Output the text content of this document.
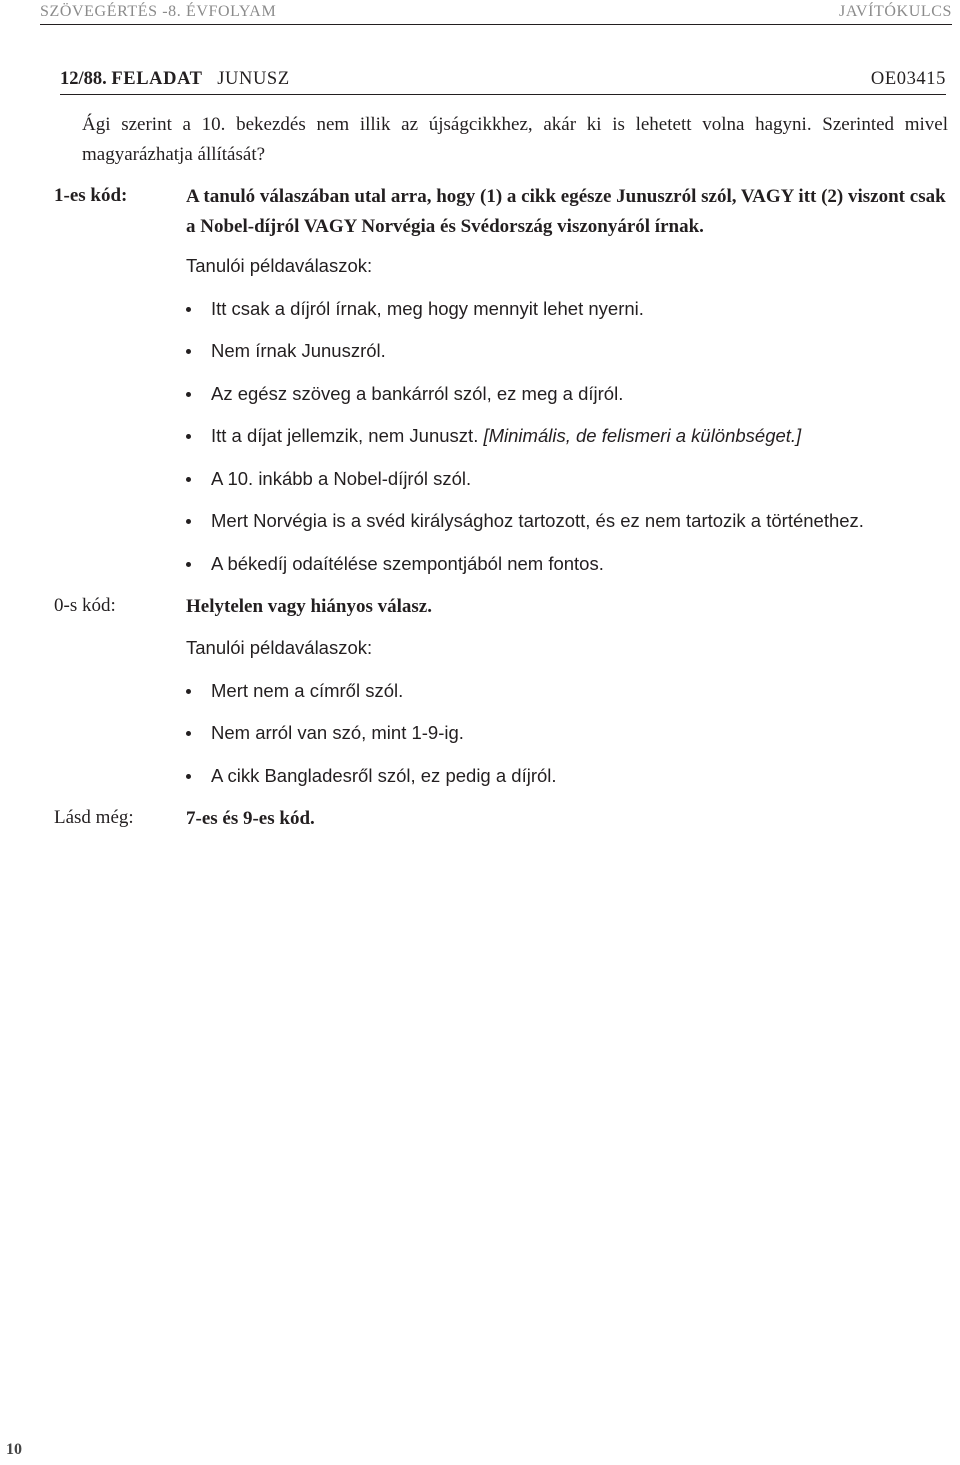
SZÖVEGÉRTÉS -8. ÉVFOLYAM	JAVÍTÓKULCS
12/88. FELADAT JUNUSZ	OE03415
Ági szerint a 10. bekezdés nem illik az újságcikkhez, akár ki is lehetett volna hagyni. Szerinted mivel magyarázhatja állítását?
1-es kód:	A tanuló válaszában utal arra, hogy (1) a cikk egésze Junuszról szól, VAGY itt (2) viszont csak a Nobel-díjról VAGY Norvégia és Svédország viszonyáról írnak.
Tanulói példaválaszok:
Itt csak a díjról írnak, meg hogy mennyit lehet nyerni.
Nem írnak Junuszról.
Az egész szöveg a bankárról szól, ez meg a díjról.
Itt a díjat jellemzik, nem Junuszt. [Minimális, de felismeri a különbséget.]
A 10. inkább a Nobel-díjról szól.
Mert Norvégia is a svéd királysághoz tartozott, és ez nem tartozik a történethez.
A békedíj odaítélése szempontjából nem fontos.
0-s kód:	Helytelen vagy hiányos válasz.
Tanulói példaválaszok:
Mert nem a címről szól.
Nem arról van szó, mint 1-9-ig.
A cikk Bangladesről szól, ez pedig a díjról.
Lásd még:	7-es és 9-es kód.
10
